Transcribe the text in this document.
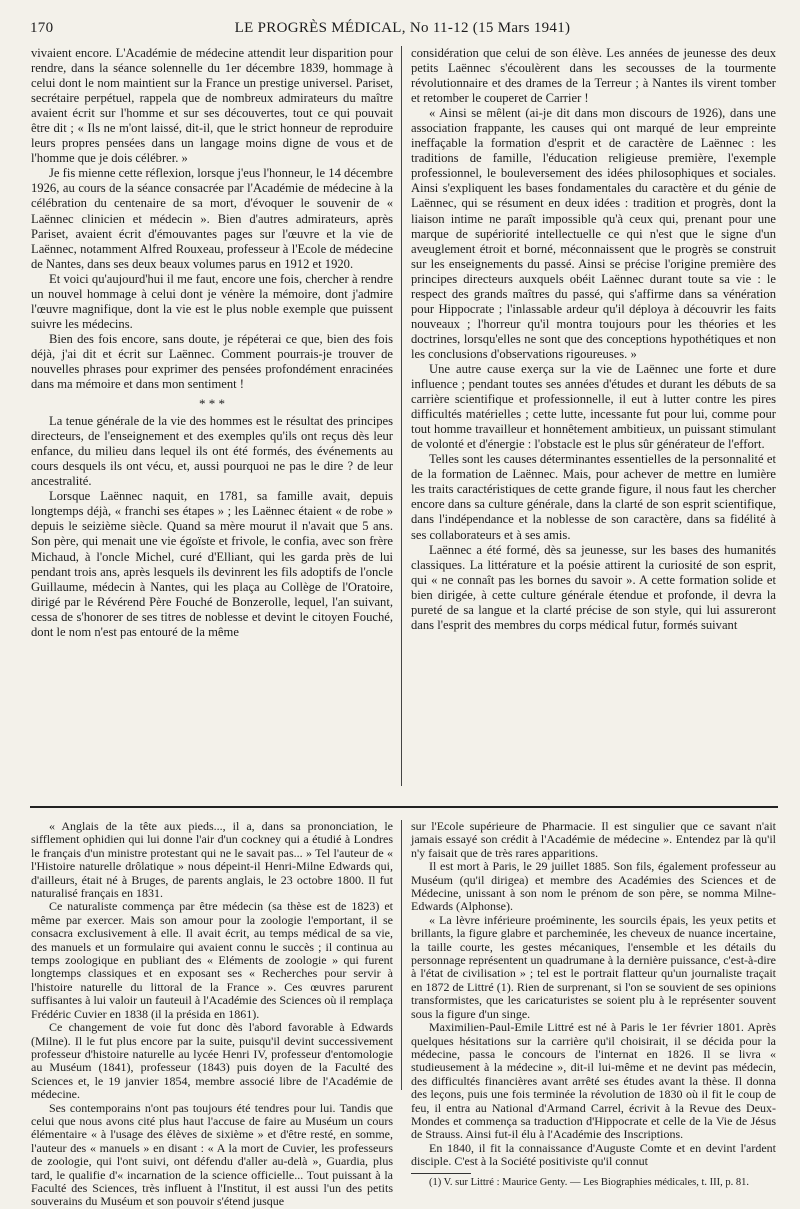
170	LE PROGRÈS MÉDICAL, No 11-12 (15 Mars 1941)

vivaient encore. L'Académie de médecine attendit leur disparition pour rendre, dans la séance solennelle du 1er décembre 1839, hommage à celui dont le nom maintient sur la France un prestige universel. Pariset, secrétaire perpétuel, rappela que de nombreux admirateurs du maître avaient écrit sur l'homme et sur ses découvertes, tout ce qui pouvait être dit ; « Ils ne m'ont laissé, dit-il, que le strict honneur de reproduire leurs propres pensées dans un langage moins digne de vous et de l'homme que je dois célébrer. »

Je fis mienne cette réflexion, lorsque j'eus l'honneur, le 14 décembre 1926, au cours de la séance consacrée par l'Académie de médecine à la célébration du centenaire de sa mort, d'évoquer le souvenir de « Laënnec clinicien et médecin ». Bien d'autres admirateurs, après Pariset, avaient écrit d'émouvantes pages sur l'œuvre et la vie de Laënnec, notamment Alfred Rouxeau, professeur à l'Ecole de médecine de Nantes, dans ses deux beaux volumes parus en 1912 et 1920.

Et voici qu'aujourd'hui il me faut, encore une fois, chercher à rendre un nouvel hommage à celui dont je vénère la mémoire, dont j'admire l'œuvre magnifique, dont la vie est le plus noble exemple que puissent suivre les médecins.

Bien des fois encore, sans doute, je répéterai ce que, bien des fois déjà, j'ai dit et écrit sur Laënnec. Comment pourrais-je trouver de nouvelles phrases pour exprimer des pensées profondément enracinées dans ma mémoire et dans mon sentiment !

* * *

La tenue générale de la vie des hommes est le résultat des principes directeurs, de l'enseignement et des exemples qu'ils ont reçus dès leur enfance, du milieu dans lequel ils ont été formés, des événements au cours desquels ils ont vécu, et, aussi pourquoi ne pas le dire ? de leur ancestralité.

Lorsque Laënnec naquit, en 1781, sa famille avait, depuis longtemps déjà, « franchi ses étapes » ; les Laënnec étaient « de robe » depuis le seizième siècle. Quand sa mère mourut il n'avait que 5 ans. Son père, qui menait une vie égoïste et frivole, le confia, avec son frère Michaud, à l'oncle Michel, curé d'Elliant, qui les garda près de lui pendant trois ans, après lesquels ils devinrent les fils adoptifs de l'oncle Guillaume, médecin à Nantes, qui les plaça au Collège de l'Oratoire, dirigé par le Révérend Père Fouché de Bonzerolle, lequel, l'an suivant, cessa de s'honorer de ses titres de noblesse et devint le citoyen Fouché, dont le nom n'est pas entouré de la même

considération que celui de son élève. Les années de jeunesse des deux petits Laënnec s'écoulèrent dans les secousses de la tourmente révolutionnaire et des drames de la Terreur ; à Nantes ils virent tomber et retomber le couperet de Carrier !

« Ainsi se mêlent (ai-je dit dans mon discours de 1926), dans une association frappante, les causes qui ont marqué de leur empreinte ineffaçable la formation d'esprit et de caractère de Laënnec : les traditions de famille, l'éducation religieuse première, l'exemple professionnel, le bouleversement des idées philosophiques et sociales. Ainsi s'expliquent les bases fondamentales du caractère et du génie de Laënnec, qui se résument en deux idées : tradition et progrès, dont la liaison intime ne paraît impossible qu'à ceux qui, prenant pour une marque de supériorité intellectuelle ce qui n'est que le signe d'un aveuglement étroit et borné, méconnaissent que le progrès se construit sur les enseignements du passé. Ainsi se précise l'origine première des principes directeurs auxquels obéit Laënnec durant toute sa vie : le respect des grands maîtres du passé, qui s'affirme dans sa vénération pour Hippocrate ; l'inlassable ardeur qu'il déploya à découvrir les faits nouveaux ; l'horreur qu'il montra toujours pour les théories et les doctrines, lorsqu'elles ne sont que des conceptions hypothétiques et non les conclusions d'observations rigoureuses. »

Une autre cause exerça sur la vie de Laënnec une forte et dure influence ; pendant toutes ses années d'études et durant les débuts de sa carrière scientifique et professionnelle, il eut à lutter contre les pires difficultés matérielles ; cette lutte, incessante fut pour lui, comme pour tout homme travailleur et honnêtement ambitieux, un puissant stimulant de volonté et d'énergie : l'obstacle est le plus sûr générateur de l'effort.

Telles sont les causes déterminantes essentielles de la personnalité et de la formation de Laënnec. Mais, pour achever de mettre en lumière les traits caractéristiques de cette grande figure, il nous faut les chercher encore dans sa culture générale, dans la clarté de son esprit scientifique, dans l'indépendance et la noblesse de son caractère, dans sa fidélité à ses collaborateurs et à ses amis.

Laënnec a été formé, dès sa jeunesse, sur les bases des humanités classiques. La littérature et la poésie attirent la curiosité de son esprit, qui « ne connaît pas les bornes du savoir ». A cette formation solide et bien dirigée, à cette culture générale étendue et profonde, il devra la pureté de sa langue et la clarté précise de son style, qui lui assureront dans l'esprit des membres du corps médical futur, formés suivant

« Anglais de la tête aux pieds..., il a, dans sa prononciation, le sifflement ophidien qui lui donne l'air d'un cockney qui a étudié à Londres le français d'un ministre protestant qui ne le savait pas... » Tel l'auteur de « l'Histoire naturelle drôlatique » nous dépeint-il Henri-Milne Edwards qui, d'ailleurs, était né à Bruges, de parents anglais, le 23 octobre 1800. Il fut naturalisé français en 1831.

Ce naturaliste commença par être médecin (sa thèse est de 1823) et même par exercer. Mais son amour pour la zoologie l'emportant, il se consacra exclusivement à elle. Il avait écrit, au temps médical de sa vie, des manuels et un formulaire qui avaient connu le succès ; il continua au temps zoologique en publiant des « Eléments de zoologie » qui furent longtemps classiques et en exposant ses « Recherches pour servir à l'histoire naturelle du littoral de la France ». Ces œuvres parurent suffisantes à lui valoir un fauteuil à l'Académie des Sciences où il remplaça Frédéric Cuvier en 1838 (il la présida en 1861).

Ce changement de voie fut donc dès l'abord favorable à Edwards (Milne). Il le fut plus encore par la suite, puisqu'il devint successivement professeur d'histoire naturelle au lycée Henri IV, professeur d'entomologie au Muséum (1841), professeur (1843) puis doyen de la Faculté des Sciences et, le 19 janvier 1854, membre associé libre de l'Académie de médecine.

Ses contemporains n'ont pas toujours été tendres pour lui. Tandis que celui que nous avons cité plus haut l'accuse de faire au Muséum un cours élémentaire « à l'usage des élèves de sixième » et d'être resté, en somme, l'auteur des « manuels » en disant : « A la mort de Cuvier, les professeurs de zoologie, qui l'ont suivi, ont défendu d'aller au-delà », Guardia, plus tard, le qualifie d'« incarnation de la science officielle... Tout puissant à la Faculté des Sciences, très influent à l'Institut, il est aussi l'un des petits souverains du Muséum et son pouvoir s'étend jusque

sur l'Ecole supérieure de Pharmacie. Il est singulier que ce savant n'ait jamais essayé son crédit à l'Académie de médecine ». Entendez par là qu'il n'y faisait que de très rares apparitions.

Il est mort à Paris, le 29 juillet 1885. Son fils, également professeur au Muséum (qu'il dirigea) et membre des Académies des Sciences et de Médecine, unissant à son nom le prénom de son père, se nomma Milne-Edwards (Alphonse).

« La lèvre inférieure proéminente, les sourcils épais, les yeux petits et brillants, la figure glabre et parcheminée, les cheveux de nuance incertaine, la taille courte, les gestes mécaniques, l'ensemble et les détails du personnage représentent un quadrumane à la dernière puissance, c'est-à-dire à l'état de civilisation » ; tel est le portrait flatteur qu'un journaliste traçait en 1872 de Littré (1). Rien de surprenant, si l'on se souvient de ses opinions transformistes, que les caricaturistes se soient plu à le représenter souvent sous la figure d'un singe.

Maximilien-Paul-Emile Littré est né à Paris le 1er février 1801. Après quelques hésitations sur la carrière qu'il choisirait, il se décida pour la médecine, passa le concours de l'internat en 1826. Il se livra « studieusement à la médecine », dit-il lui-même et ne devint pas médecin, des difficultés financières avant arrêté ses études avant la thèse. Il donna des leçons, puis une fois terminée la révolution de 1830 où il fit le coup de feu, il entra au National d'Armand Carrel, écrivit à la Revue des Deux-Mondes et commença sa traduction d'Hippocrate et celle de la Vie de Jésus de Strauss. Ainsi fut-il élu à l'Académie des Inscriptions.

En 1840, il fit la connaissance d'Auguste Comte et en devint l'ardent disciple. C'est à la Société positiviste qu'il connut

(1) V. sur Littré : Maurice Genty. — Les Biographies médicales, t. III, p. 81.
